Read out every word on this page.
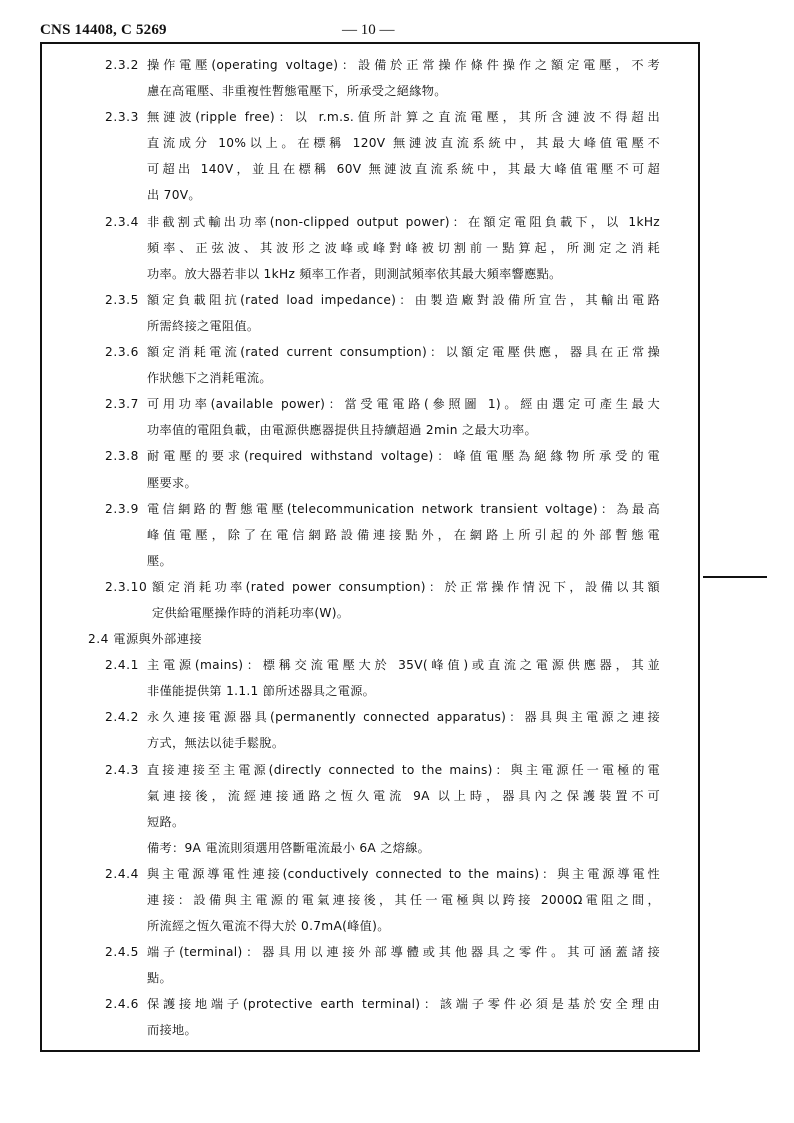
CNS 14408, C 5269	— 10 —
2.3.2 操作電壓(operating voltage)：設備於正常操作條件操作之額定電壓，不考
慮在高電壓、非重複性暫態電壓下，所承受之絕緣物。
2.3.3 無漣波(ripple free)：以 r.m.s.值所計算之直流電壓，其所含漣波不得超出
直流成分 10%以上。在標稱 120V 無漣波直流系統中，其最大峰值電壓不
可超出 140V，並且在標稱 60V 無漣波直流系統中，其最大峰值電壓不可超
出 70V。
2.3.4 非截割式輸出功率(non-clipped output power)：在額定電阻負載下，以 1kHz
頻率、正弦波、其波形之波峰或峰對峰被切割前一點算起，所測定之消耗
功率。放大器若非以 1kHz 頻率工作者，則測試頻率依其最大頻率響應點。
2.3.5 額定負載阻抗(rated load impedance)：由製造廠對設備所宣告，其輸出電路
所需終接之電阻值。
2.3.6 額定消耗電流(rated current consumption)：以額定電壓供應，器具在正常操
作狀態下之消耗電流。
2.3.7 可用功率(available power)：當受電電路(參照圖 1)。經由選定可產生最大
功率值的電阻負載，由電源供應器提供且持續超過 2min 之最大功率。
2.3.8 耐電壓的要求(required withstand voltage)：峰值電壓為絕緣物所承受的電
壓要求。
2.3.9 電信網路的暫態電壓(telecommunication network transient voltage)：為最高
峰值電壓，除了在電信網路設備連接點外，在網路上所引起的外部暫態電
壓。
2.3.10 額定消耗功率(rated power consumption)：於正常操作情況下，設備以其額
定供給電壓操作時的消耗功率(W)。
2.4 電源與外部連接
2.4.1 主電源(mains)：標稱交流電壓大於 35V(峰值)或直流之電源供應器，其並
非僅能提供第 1.1.1 節所述器具之電源。
2.4.2 永久連接電源器具(permanently connected apparatus)：器具與主電源之連接
方式，無法以徒手鬆脫。
2.4.3 直接連接至主電源(directly connected to the mains)：與主電源任一電極的電
氣連接後，流經連接通路之恆久電流 9A 以上時，器具內之保護裝置不可
短路。
備考：9A 電流則須選用啓斷電流最小 6A 之熔線。
2.4.4 與主電源導電性連接(conductively connected to the mains)：與主電源導電性
連接：設備與主電源的電氣連接後，其任一電極與以跨接 2000Ω電阻之間，
所流經之恆久電流不得大於 0.7mA(峰值)。
2.4.5 端子(terminal)：器具用以連接外部導體或其他器具之零件。其可涵蓋諸接
點。
2.4.6 保護接地端子(protective earth terminal)：該端子零件必須是基於安全理由
而接地。
